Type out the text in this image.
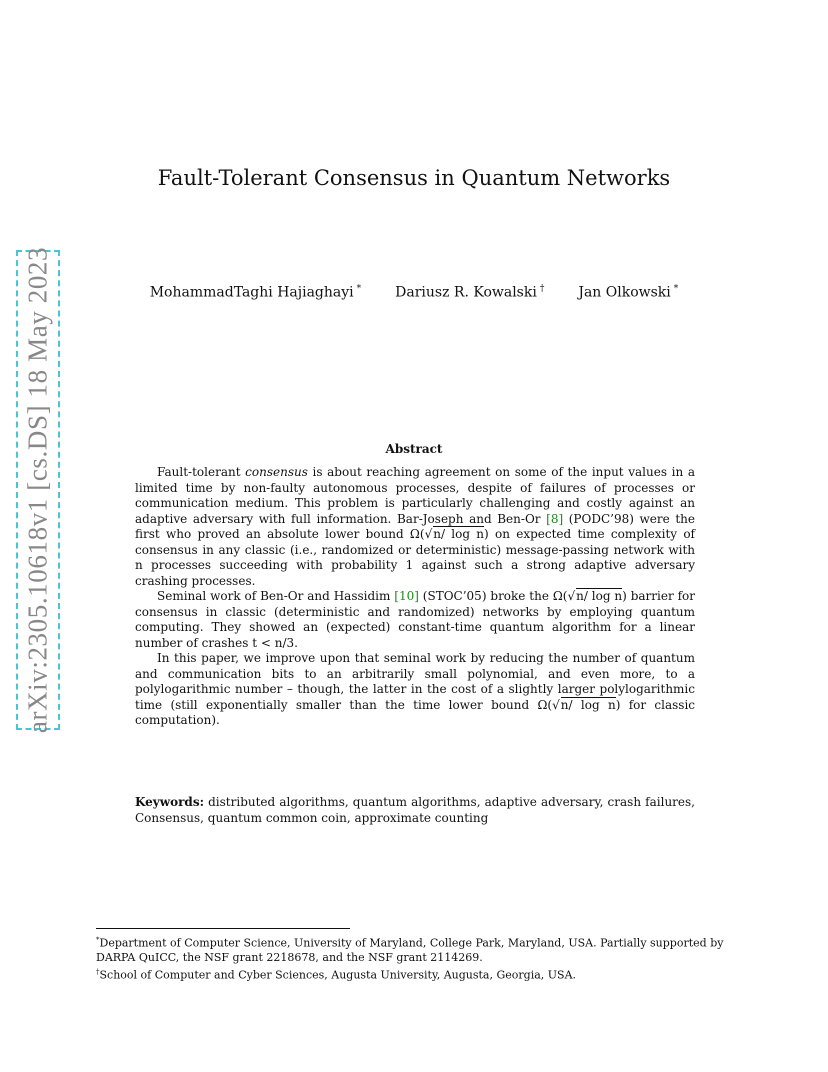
arXiv:2305.10618v1 [cs.DS] 18 May 2023
Fault-Tolerant Consensus in Quantum Networks
MohammadTaghi Hajiaghayi * Dariusz R. Kowalski † Jan Olkowski *
Abstract

Fault-tolerant consensus is about reaching agreement on some of the input values in a limited time by non-faulty autonomous processes, despite of failures of processes or communication medium. This problem is particularly challenging and costly against an adaptive adversary with full information. Bar-Joseph and Ben-Or [8] (PODC’98) were the first who proved an absolute lower bound Ω(√n/ log n) on expected time complexity of consensus in any classic (i.e., randomized or deterministic) message-passing network with n processes succeeding with probability 1 against such a strong adaptive adversary crashing processes.

Seminal work of Ben-Or and Hassidim [10] (STOC’05) broke the Ω(√n/ log n) barrier for consensus in classic (deterministic and randomized) networks by employing quantum computing. They showed an (expected) constant-time quantum algorithm for a linear number of crashes t < n/3.

In this paper, we improve upon that seminal work by reducing the number of quantum and communication bits to an arbitrarily small polynomial, and even more, to a polylogarithmic number – though, the latter in the cost of a slightly larger polylogarithmic time (still exponentially smaller than the time lower bound Ω(√n/ log n) for classic computation).

Keywords: distributed algorithms, quantum algorithms, adaptive adversary, crash failures, Consensus, quantum common coin, approximate counting
*Department of Computer Science, University of Maryland, College Park, Maryland, USA. Partially supported by DARPA QuICC, the NSF grant 2218678, and the NSF grant 2114269.
†School of Computer and Cyber Sciences, Augusta University, Augusta, Georgia, USA.
